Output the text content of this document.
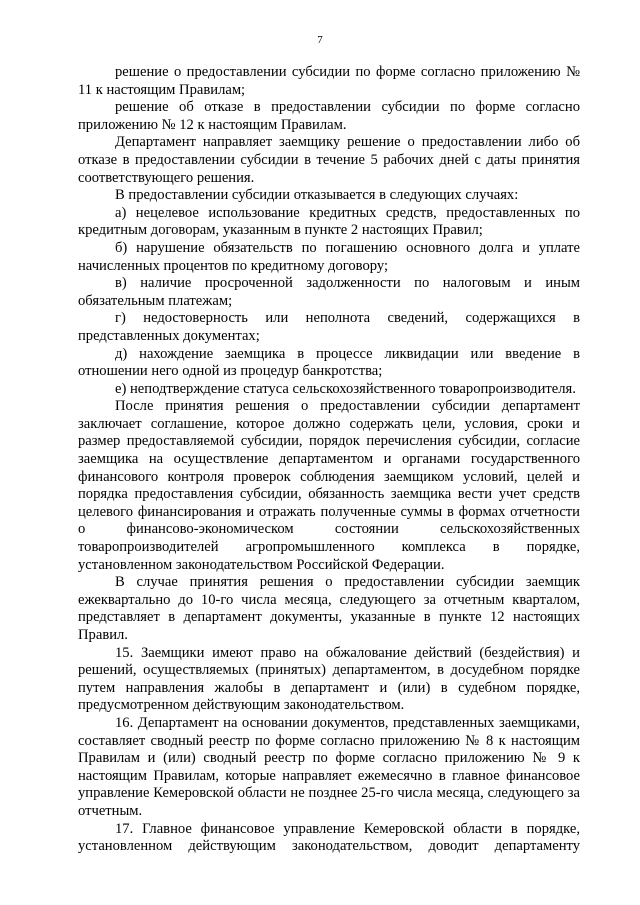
7

решение о предоставлении субсидии по форме согласно приложению № 11 к настоящим Правилам;

решение об отказе в предоставлении субсидии по форме согласно приложению № 12 к настоящим Правилам.

Департамент направляет заемщику решение о предоставлении либо об отказе в предоставлении субсидии в течение 5 рабочих дней с даты принятия соответствующего решения.

В предоставлении субсидии отказывается в следующих случаях:

а) нецелевое использование кредитных средств, предоставленных по кредитным договорам, указанным в пункте 2 настоящих Правил;

б) нарушение обязательств по погашению основного долга и уплате начисленных процентов по кредитному договору;

в) наличие просроченной задолженности по налоговым и иным обязательным платежам;

г) недостоверность или неполнота сведений, содержащихся в представленных документах;

д) нахождение заемщика в процессе ликвидации или введение в отношении него одной из процедур банкротства;

е) неподтверждение статуса сельскохозяйственного товаропроизводителя.

После принятия решения о предоставлении субсидии департамент заключает соглашение, которое должно содержать цели, условия, сроки и размер предоставляемой субсидии, порядок перечисления субсидии, согласие заемщика на осуществление департаментом и органами государственного финансового контроля проверок соблюдения заемщиком условий, целей и порядка предоставления субсидии, обязанность заемщика вести учет средств целевого финансирования и отражать полученные суммы в формах отчетности о финансово-экономическом состоянии сельскохозяйственных товаропроизводителей агропромышленного комплекса в порядке, установленном законодательством Российской Федерации.

В случае принятия решения о предоставлении субсидии заемщик ежеквартально до 10-го числа месяца, следующего за отчетным кварталом, представляет в департамент документы, указанные в пункте 12 настоящих Правил.

15. Заемщики имеют право на обжалование действий (бездействия) и решений, осуществляемых (принятых) департаментом, в досудебном порядке путем направления жалобы в департамент и (или) в судебном порядке, предусмотренном действующим законодательством.

16. Департамент на основании документов, представленных заемщиками, составляет сводный реестр по форме согласно приложению № 8 к настоящим Правилам и (или) сводный реестр по форме согласно приложению № 9 к настоящим Правилам, которые направляет ежемесячно в главное финансовое управление Кемеровской области не позднее 25-го числа месяца, следующего за отчетным.

17. Главное финансовое управление Кемеровской области в порядке, установленном действующим законодательством, доводит департаменту
